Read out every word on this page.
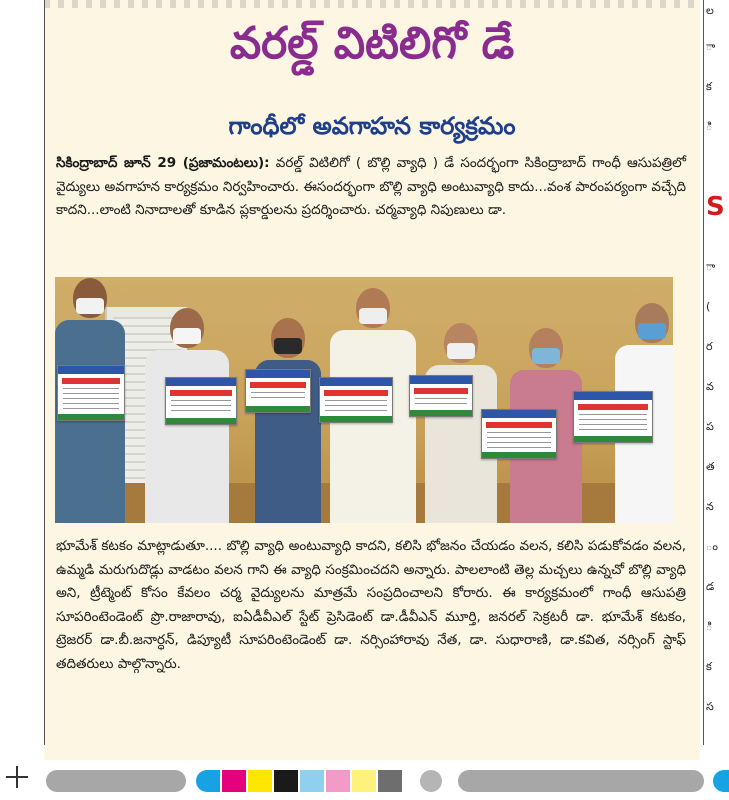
వరల్డ్ విటిలిగో డే
గాంధీలో అవగాహన కార్యక్రమం

సికింద్రాబాద్ జూన్ 29 (ప్రజామంటలు): వరల్డ్ విటిలిగో ( బొల్లి వ్యాధి ) డే సందర్భంగా సికింద్రాబాద్ గాంధీ ఆసుపత్రిలో వైద్యులు అవగాహన కార్యక్రమం నిర్వహించారు. ఈసందర్భంగా బొల్లి వ్యాధి అంటువ్యాధి కాదు...వంశ పారంపర్యంగా వచ్చేది కాదని...లాంటి నినాదాలతో కూడిన ప్లకార్డులను ప్రదర్శించారు. చర్మవ్యాధి నిపుణులు డా.

భూమేశ్ కటకం మాట్లాడుతూ.... బొల్లి వ్యాధి అంటువ్యాధి కాదని, కలిసి భోజనం చేయడం వలన, కలిసి పడుకోవడం వలన, ఉమ్మడి మరుగుదొడ్లు వాడటం వలన గాని ఈ వ్యాధి సంక్రమించదని అన్నారు. పాలలాంటి తెల్ల మచ్చలు ఉన్నచో బొల్లి వ్యాధి అని, ట్రీట్మెంట్ కోసం కేవలం చర్మ వైద్యులను మాత్రమే సంప్రదించాలని కోరారు. ఈ కార్యక్రమంలో గాంధీ ఆసుపత్రి సూపరింటెండెంట్ ప్రొ.రాజారావు, ఐఏడీవీఎల్ స్టేట్ ప్రెసిడెంట్ డా.డీవీఎన్ మూర్తి, జనరల్ సెక్రటరీ డా. భూమేశ్ కటకం, ట్రెజరర్ డా.బీ.జనార్ధన్, డిప్యూటీ సూపరింటెండెంట్ డా. నర్సింహారావు నేత, డా. సుధారాణి, డా.కవిత, నర్సింగ్ స్టాఫ్ తదితరులు పాల్గొన్నారు.

ల
ా
క
ి
S
ా
(
ర
వ
ప
త
న
ం
డ
ి
క
స
